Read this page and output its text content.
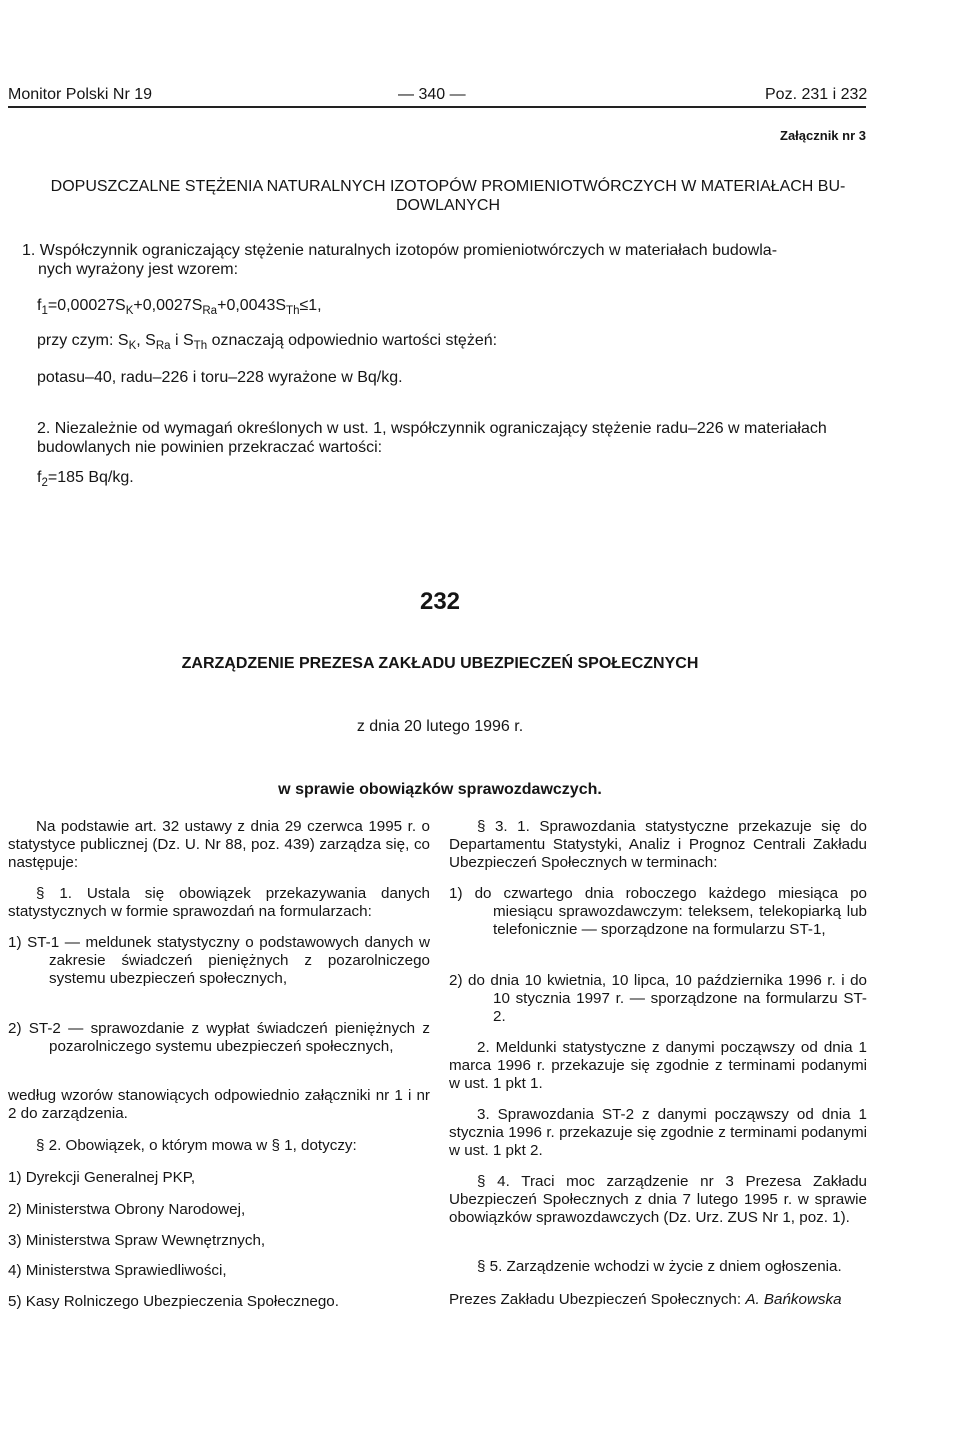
Monitor Polski Nr 19	— 340 —	Poz. 231 i 232
Załącznik nr 3
DOPUSZCZALNE STĘŻENIA NATURALNYCH IZOTOPÓW PROMIENIOTWÓRCZYCH W MATERIAŁACH BU-
DOWLANYCH
1. Współczynnik ograniczający stężenie naturalnych izotopów promieniotwórczych w materiałach budowla-
nych wyrażony jest wzorem:
$f_1=0,00027S_K+0,0027S_{Ra}+0,0043S_{Th}\le 1$,
przy czym: $S_K$, $S_{Ra}$ i $S_{Th}$ oznaczają odpowiednio wartości stężeń:
potasu–40, radu–226 i toru–228 wyrażone w Bq/kg.
2. Niezależnie od wymagań określonych w ust. 1, współczynnik ograniczający stężenie radu–226 w materiałach
budowlanych nie powinien przekraczać wartości:
$f_2=185$ Bq/kg.
232
ZARZĄDZENIE PREZESA ZAKŁADU UBEZPIECZEŃ SPOŁECZNYCH
z dnia 20 lutego 1996 r.
w sprawie obowiązków sprawozdawczych.

Na podstawie art. 32 ustawy z dnia 29 czerwca 1995 r. o statystyce publicznej (Dz. U. Nr 88, poz. 439) zarządza się, co następuje:

§ 1. Ustala się obowiązek przekazywania danych statystycznych w formie sprawozdań na formularzach:

1) ST-1 — meldunek statystyczny o podstawowych danych w zakresie świadczeń pieniężnych z pozarolniczego systemu ubezpieczeń społecznych,

2) ST-2 — sprawozdanie z wypłat świadczeń pieniężnych z pozarolniczego systemu ubezpieczeń społecznych,

według wzorów stanowiących odpowiednio załączniki nr 1 i nr 2 do zarządzenia.

§ 2. Obowiązek, o którym mowa w § 1, dotyczy:

1) Dyrekcji Generalnej PKP,

2) Ministerstwa Obrony Narodowej,

3) Ministerstwa Spraw Wewnętrznych,

4) Ministerstwa Sprawiedliwości,

5) Kasy Rolniczego Ubezpieczenia Społecznego.

§ 3. 1. Sprawozdania statystyczne przekazuje się do Departamentu Statystyki, Analiz i Prognoz Centrali Zakładu Ubezpieczeń Społecznych w terminach:

1) do czwartego dnia roboczego każdego miesiąca po miesiącu sprawozdawczym: teleksem, telekopiarką lub telefonicznie — sporządzone na formularzu ST-1,

2) do dnia 10 kwietnia, 10 lipca, 10 października 1996 r. i do 10 stycznia 1997 r. — sporządzone na formularzu ST-2.

2. Meldunki statystyczne z danymi począwszy od dnia 1 marca 1996 r. przekazuje się zgodnie z terminami podanymi w ust. 1 pkt 1.

3. Sprawozdania ST-2 z danymi począwszy od dnia 1 stycznia 1996 r. przekazuje się zgodnie z terminami podanymi w ust. 1 pkt 2.

§ 4. Traci moc zarządzenie nr 3 Prezesa Zakładu Ubezpieczeń Społecznych z dnia 7 lutego 1995 r. w sprawie obowiązków sprawozdawczych (Dz. Urz. ZUS Nr 1, poz. 1).

§ 5. Zarządzenie wchodzi w życie z dniem ogłoszenia.

Prezes Zakładu Ubezpieczeń Społecznych: A. Bańkowska
